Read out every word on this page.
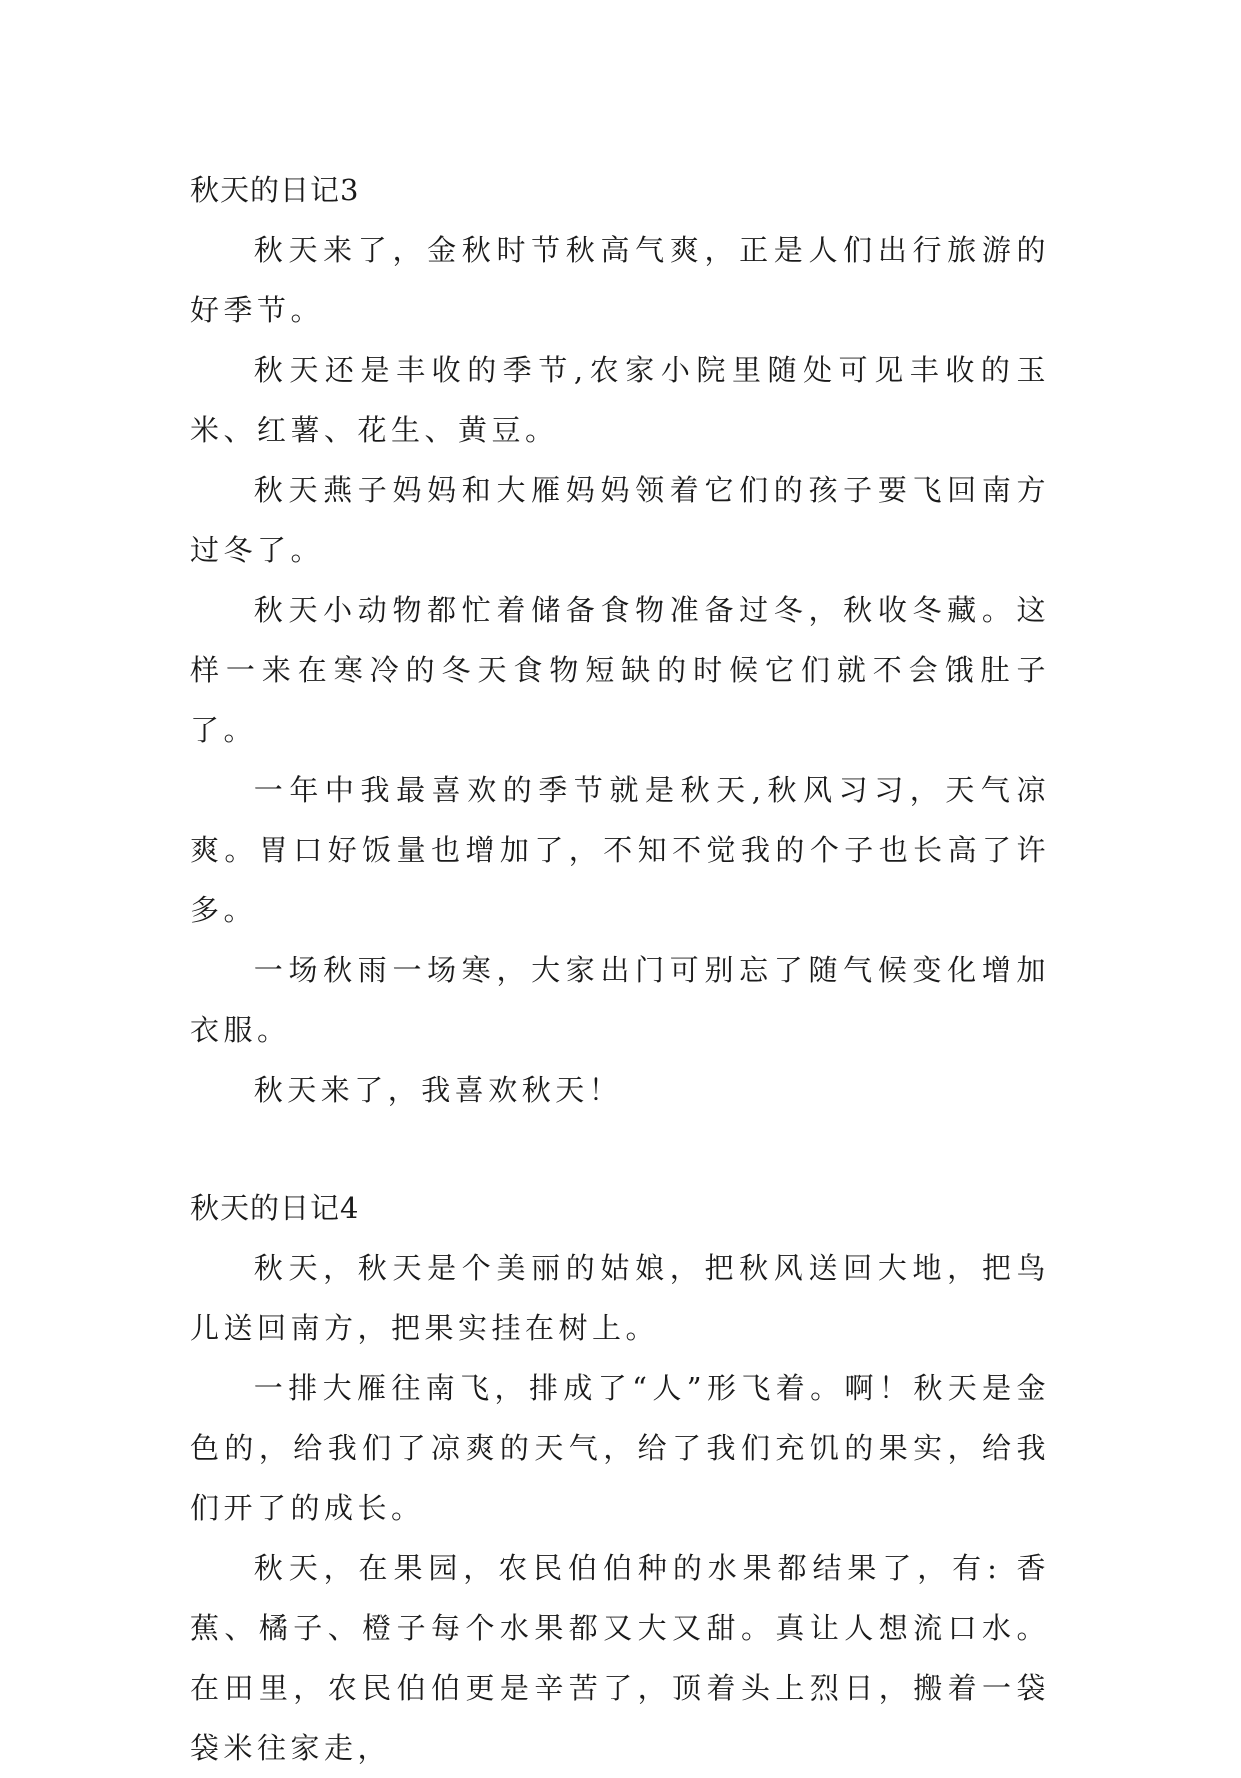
秋天的日记3

秋天来了，金秋时节秋高气爽，正是人们出行旅游的好季节。

秋天还是丰收的季节,农家小院里随处可见丰收的玉米、红薯、花生、黄豆。

秋天燕子妈妈和大雁妈妈领着它们的孩子要飞回南方过冬了。

秋天小动物都忙着储备食物准备过冬，秋收冬藏。这样一来在寒冷的冬天食物短缺的时候它们就不会饿肚子了。

一年中我最喜欢的季节就是秋天,秋风习习，天气凉爽。胃口好饭量也增加了，不知不觉我的个子也长高了许多。

一场秋雨一场寒，大家出门可别忘了随气候变化增加衣服。

秋天来了，我喜欢秋天！

秋天的日记4

秋天，秋天是个美丽的姑娘，把秋风送回大地，把鸟儿送回南方，把果实挂在树上。

一排大雁往南飞，排成了“人”形飞着。啊！秋天是金色的，给我们了凉爽的天气，给了我们充饥的果实，给我们开了的成长。

秋天，在果园，农民伯伯种的水果都结果了，有: 香蕉、橘子、橙子每个水果都又大又甜。真让人想流口水。在田里，农民伯伯更是辛苦了，顶着头上烈日，搬着一袋袋米往家走，
